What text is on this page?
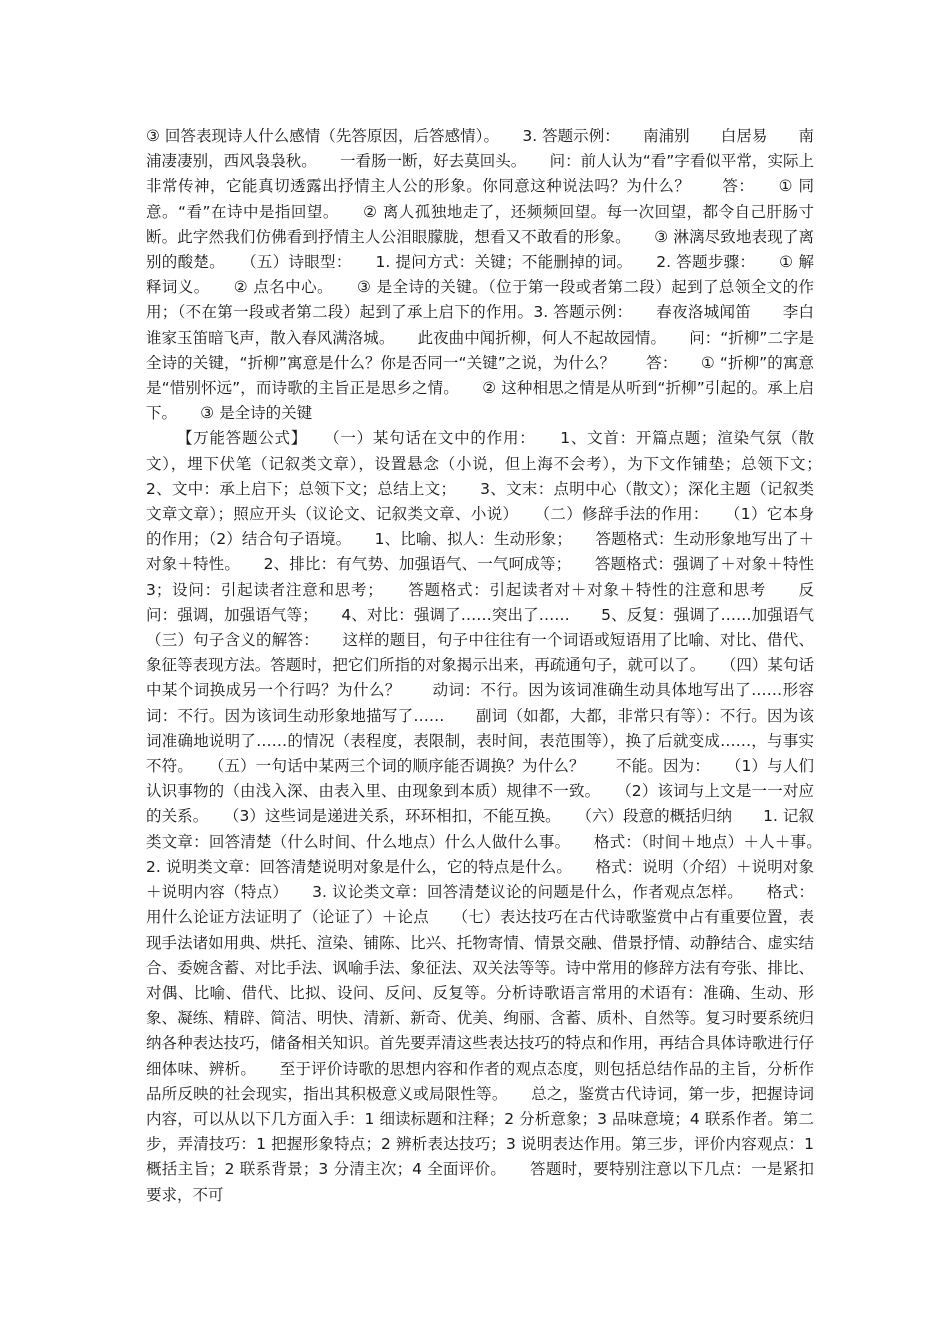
③ 回答表现诗人什么感情（先答原因，后答感情）。　　3. 答题示例：　　南浦别　　白居易　　南浦凄凄别，西风袅袅秋。　　一看肠一断，好去莫回头。　　问：前人认为“看”字看似平常，实际上非常传神，它能真切透露出抒情主人公的形象。你同意这种说法吗？为什么？　　答：　　① 同意。“看”在诗中是指回望。　　② 离人孤独地走了，还频频回望。每一次回望，都令自己肝肠寸断。此字然我们仿佛看到抒情主人公泪眼朦胧，想看又不敢看的形象。　　③ 淋漓尽致地表现了离别的酸楚。　　（五）诗眼型：　　1. 提问方式：关键；不能删掉的词。　　2. 答题步骤：　　① 解释词义。　　② 点名中心。　　③ 是全诗的关键。（位于第一段或者第二段）起到了总领全文的作用；（不在第一段或者第二段）起到了承上启下的作用。3. 答题示例：　　春夜洛城闻笛　　李白　　谁家玉笛暗飞声，散入春风满洛城。　　此夜曲中闻折柳，何人不起故园情。　　问：“折柳”二字是全诗的关键，“折柳”寓意是什么？你是否同一“关键”之说，为什么？　　答：　　① “折柳”的寓意是“惜别怀远”，而诗歌的主旨正是思乡之情。　　② 这种相思之情是从听到“折柳”引起的。承上启下。　　③ 是全诗的关键

【万能答题公式】　　（一）某句话在文中的作用：　　1、文首：开篇点题；渲染气氛（散文），埋下伏笔（记叙类文章），设置悬念（小说，但上海不会考），为下文作铺垫；总领下文；　2、文中：承上启下；总领下文；总结上文；　　3、文末：点明中心（散文）；深化主题（记叙类文章文章）；照应开头（议论文、记叙类文章、小说）　　（二）修辞手法的作用：　　（1）它本身的作用；（2）结合句子语境。　　1、比喻、拟人：生动形象；　　答题格式：生动形象地写出了＋对象＋特性。　　2、排比：有气势、加强语气、一气呵成等；　　答题格式：强调了＋对象＋特性　　3；设问：引起读者注意和思考；　　答题格式：引起读者对＋对象＋特性的注意和思考　　反问：强调，加强语气等；　　4、对比：强调了……突出了……　　5、反复：强调了……加强语气　　（三）句子含义的解答：　　这样的题目，句子中往往有一个词语或短语用了比喻、对比、借代、象征等表现方法。答题时，把它们所指的对象揭示出来，再疏通句子，就可以了。　　（四）某句话中某个词换成另一个行吗？为什么？　　动词：不行。因为该词准确生动具体地写出了……形容词：不行。因为该词生动形象地描写了……　　副词（如都，大都，非常只有等）：不行。因为该词准确地说明了……的情况（表程度，表限制，表时间，表范围等），换了后就变成……，与事实不符。　　（五）一句话中某两三个词的顺序能否调换？为什么？　　不能。因为：　　（1）与人们认识事物的（由浅入深、由表入里、由现象到本质）规律不一致。　　（2）该词与上文是一一对应的关系。　　（3）这些词是递进关系，环环相扣，不能互换。　　（六）段意的概括归纳　　1. 记叙类文章：回答清楚（什么时间、什么地点）什么人做什么事。　　格式：（时间＋地点）＋人＋事。　　2. 说明类文章：回答清楚说明对象是什么，它的特点是什么。　　格式：说明（介绍）＋说明对象＋说明内容（特点）　　3. 议论类文章：回答清楚议论的问题是什么，作者观点怎样。　　格式：用什么论证方法证明了（论证了）＋论点　　（七）表达技巧在古代诗歌鉴赏中占有重要位置，表现手法诸如用典、烘托、渲染、铺陈、比兴、托物寄情、情景交融、借景抒情、动静结合、虚实结合、委婉含蓄、对比手法、讽喻手法、象征法、双关法等等。诗中常用的修辞方法有夸张、排比、对偶、比喻、借代、比拟、设问、反问、反复等。分析诗歌语言常用的术语有：准确、生动、形象、凝练、精辟、简洁、明快、清新、新奇、优美、绚丽、含蓄、质朴、自然等。复习时要系统归纳各种表达技巧，储备相关知识。首先要弄清这些表达技巧的特点和作用，再结合具体诗歌进行仔细体味、辨析。　　至于评价诗歌的思想内容和作者的观点态度，则包括总结作品的主旨，分析作品所反映的社会现实，指出其积极意义或局限性等。　　总之，鉴赏古代诗词，第一步，把握诗词内容，可以从以下几方面入手：1 细读标题和注释；2 分析意象；3 品味意境；4 联系作者。第二步，弄清技巧：1 把握形象特点；2 辨析表达技巧；3 说明表达作用。第三步，评价内容观点：1 概括主旨；2 联系背景；3 分清主次；4 全面评价。　　答题时，要特别注意以下几点：一是紧扣要求，不可
